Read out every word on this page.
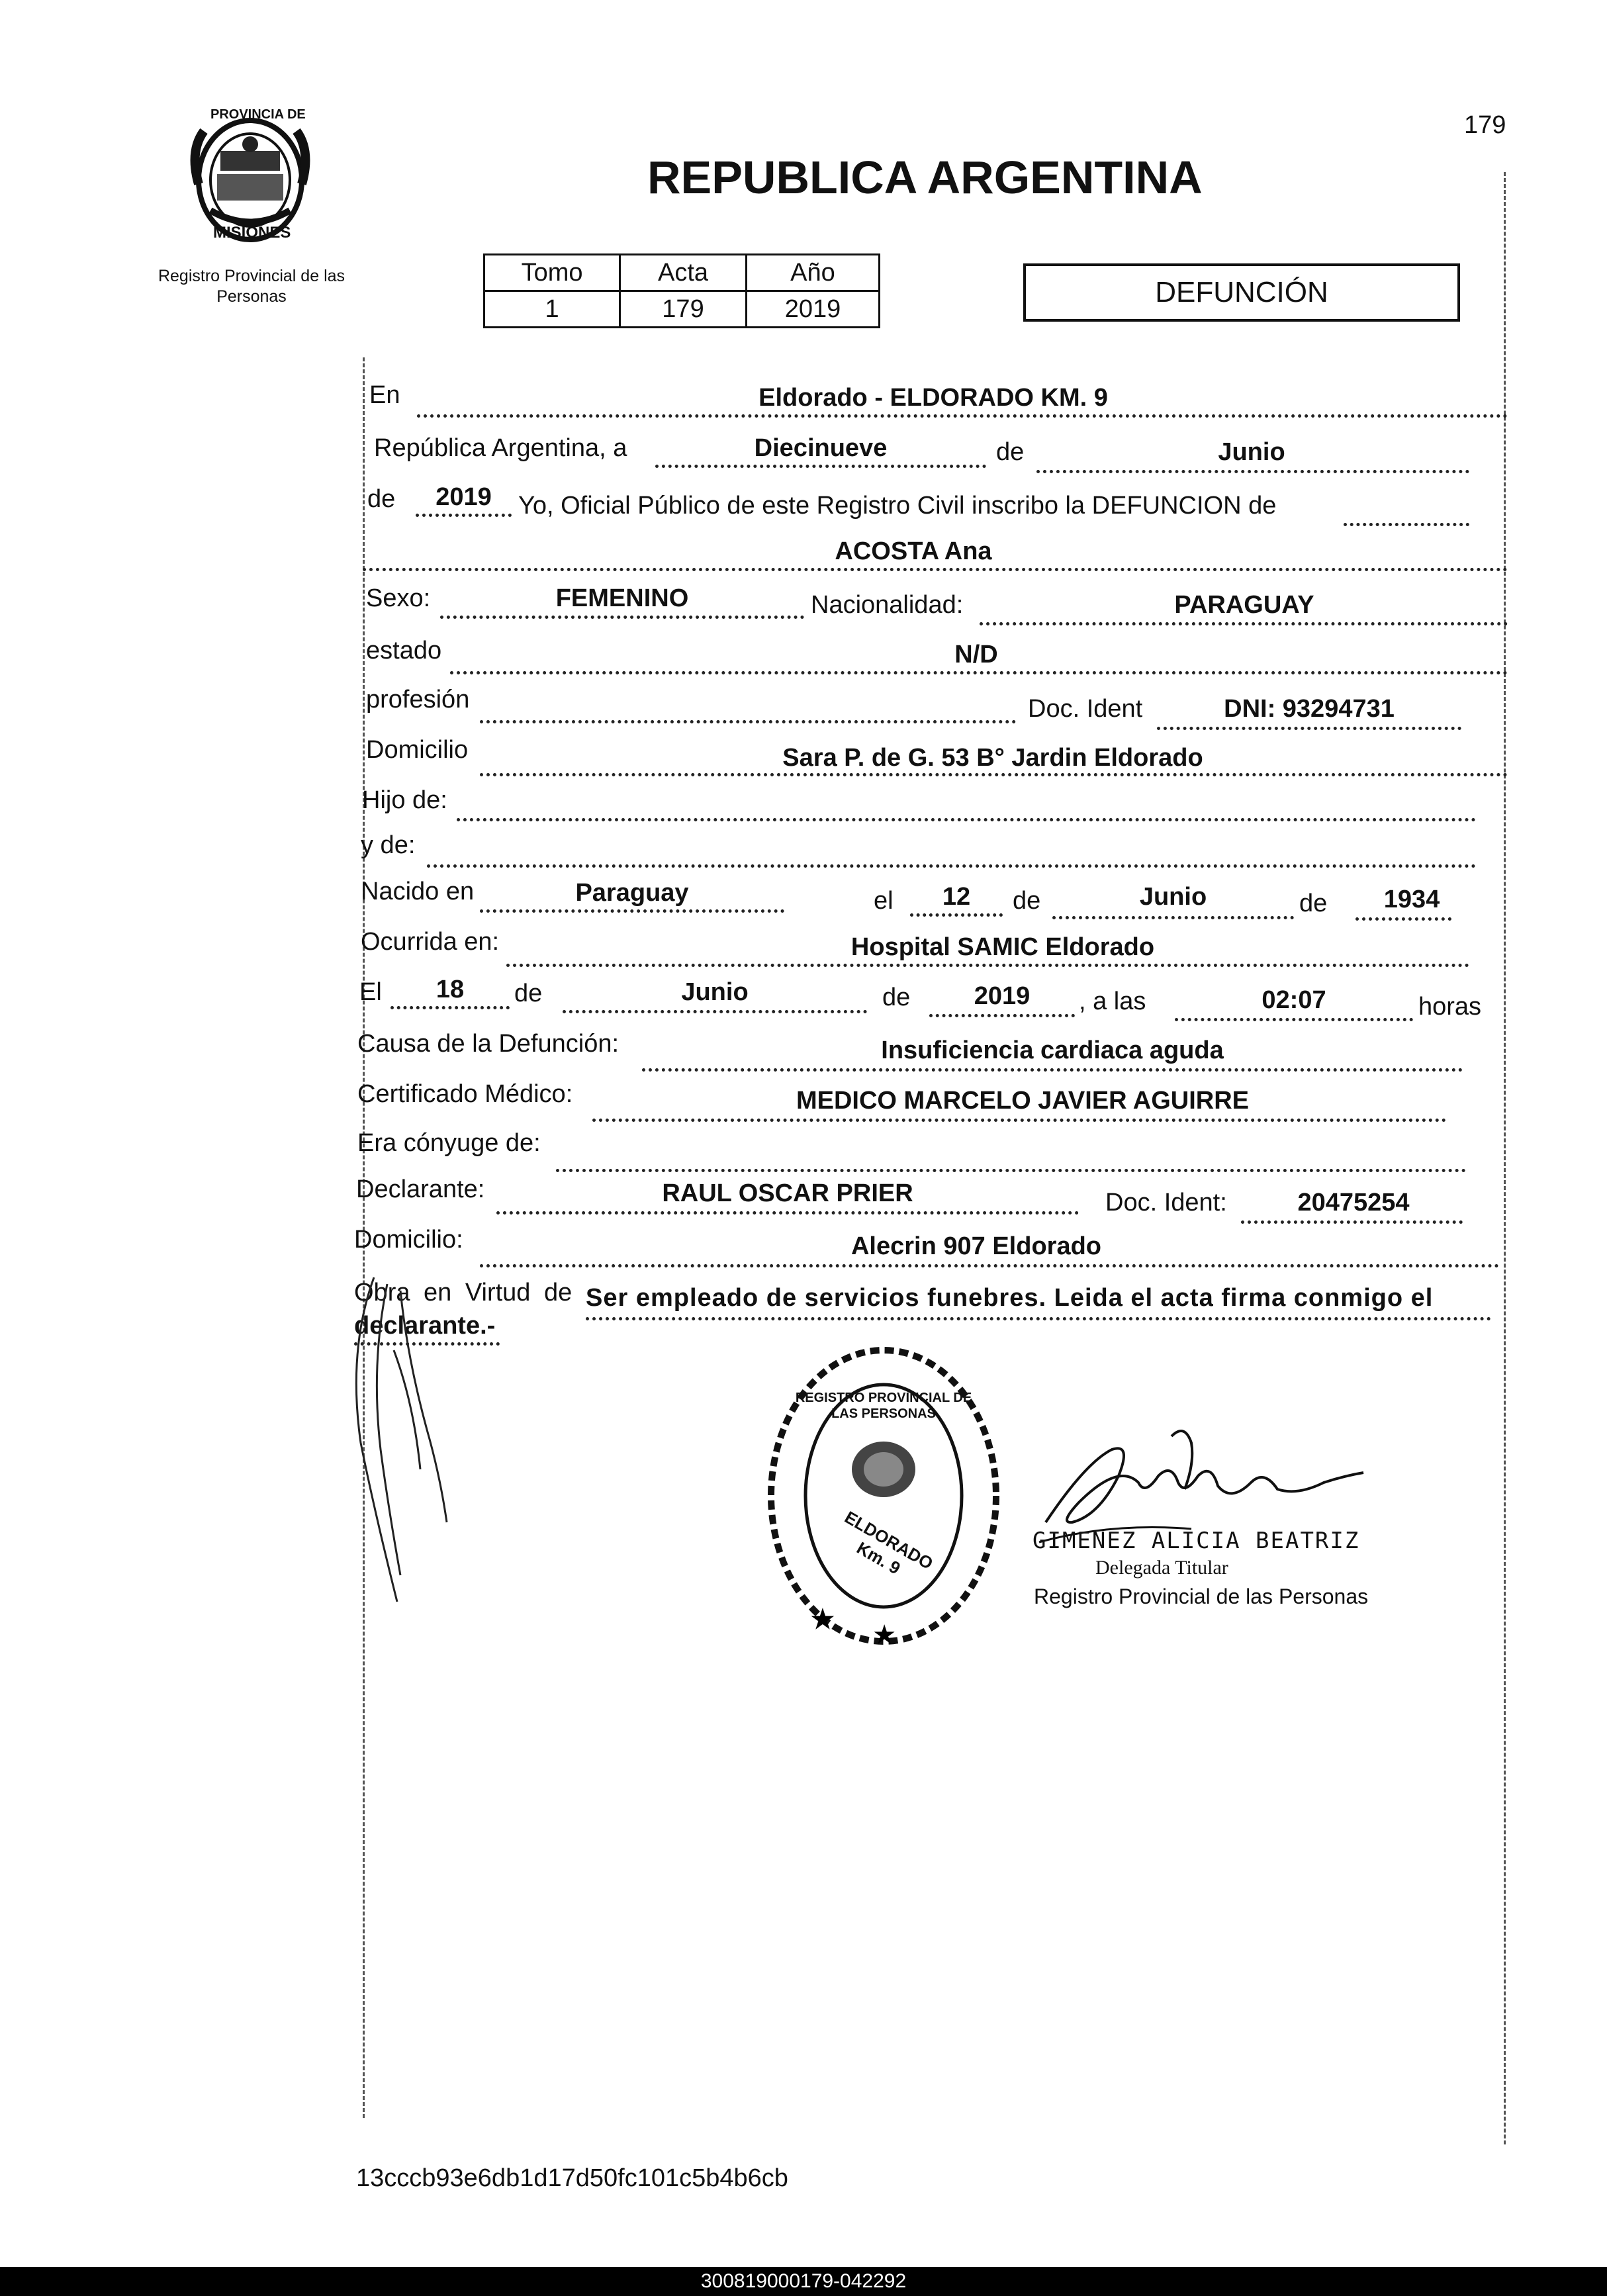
PROVINCIA DE
MISIONES
Registro Provincial de las Personas
179
REPUBLICA ARGENTINA
Tomo	Acta	Año
1	179	2019
DEFUNCIÓN
En	Eldorado - ELDORADO KM. 9
República Argentina, a	Diecinueve	de	Junio
de	2019	Yo, Oficial Público de este Registro Civil inscribo la DEFUNCION de
ACOSTA Ana
Sexo:	FEMENINO	Nacionalidad:	PARAGUAY
estado	N/D
profesión	Doc. Ident	DNI: 93294731
Domicilio	Sara P. de G. 53 B° Jardin Eldorado
Hijo de:
y de:
Nacido en	Paraguay	el	12	de	Junio	de	1934
Ocurrida en:	Hospital SAMIC Eldorado
El	18	de	Junio	de	2019	, a las	02:07	horas
Causa de la Defunción:	Insuficiencia cardiaca aguda
Certificado Médico:	MEDICO MARCELO JAVIER AGUIRRE
Era cónyuge de:
Declarante:	RAUL OSCAR PRIER	Doc. Ident:	20475254
Domicilio:	Alecrin 907 Eldorado
Obra en Virtud de Ser empleado de servicios funebres. Leida el acta firma conmigo el
declarante.-
★
★
REGISTRO PROVINCIAL DE LAS PERSONAS
ELDORADO Km. 9	GIMENEZ ALICIA BEATRIZ
Delegada Titular
Registro Provincial de las Personas
13cccb93e6db1d17d50fc101c5b4b6cb
300819000179-042292
